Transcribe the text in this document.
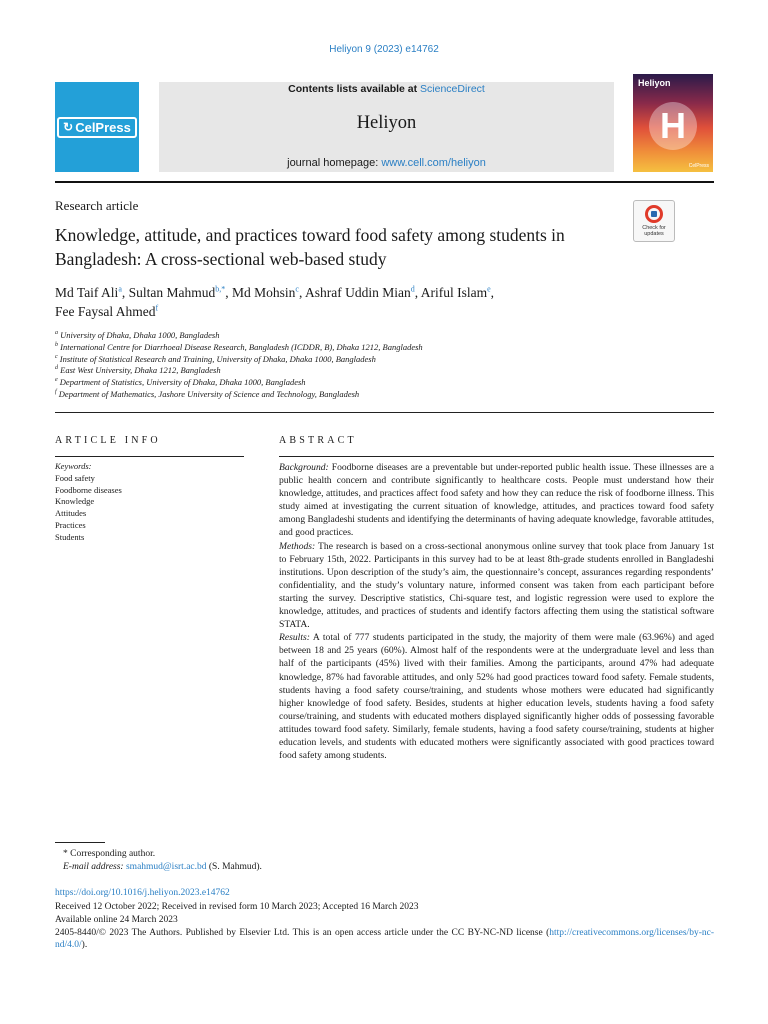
Heliyon 9 (2023) e14762
↻ CelPress
Contents lists available at ScienceDirect
Heliyon
journal homepage: www.cell.com/heliyon
Heliyon
H
CelPress
Research article
Check for updates
Knowledge, attitude, and practices toward food safety among students in Bangladesh: A cross-sectional web-based study
Md Taif Ali$^a$, Sultan Mahmud$^{b,*}$, Md Mohsin$^c$, Ashraf Uddin Mian$^d$, Ariful Islam$^e$,
Fee Faysal Ahmed$^f$
$^a$ University of Dhaka, Dhaka 1000, Bangladesh
$^b$ International Centre for Diarrhoeal Disease Research, Bangladesh (ICDDR, B), Dhaka 1212, Bangladesh
$^c$ Institute of Statistical Research and Training, University of Dhaka, Dhaka 1000, Bangladesh
$^d$ East West University, Dhaka 1212, Bangladesh
$^e$ Department of Statistics, University of Dhaka, Dhaka 1000, Bangladesh
$^f$ Department of Mathematics, Jashore University of Science and Technology, Bangladesh
ARTICLE INFO	ABSTRACT
Keywords:
Food safety
Foodborne diseases
Knowledge
Attitudes
Practices
Students
Background: Foodborne diseases are a preventable but under-reported public health issue. These illnesses are a public health concern and contribute significantly to healthcare costs. People must understand how their knowledge, attitudes, and practices affect food safety and how they can reduce the risk of foodborne illness. This study aimed at investigating the current situation of knowledge, attitudes, and practices toward food safety among Bangladeshi students and identifying the determinants of having adequate knowledge, favorable attitudes, and good practices.
Methods: The research is based on a cross-sectional anonymous online survey that took place from January 1st to February 15th, 2022. Participants in this survey had to be at least 8th-grade students enrolled in Bangladeshi institutions. Upon description of the study’s aim, the questionnaire’s concept, assurances regarding respondents’ confidentiality, and the study’s voluntary nature, informed consent was taken from each participant before starting the survey. Descriptive statistics, Chi-square test, and logistic regression were used to explore the knowledge, attitudes, and practices of students and identify factors affecting them using the statistical software STATA.
Results: A total of 777 students participated in the study, the majority of them were male (63.96%) and aged between 18 and 25 years (60%). Almost half of the respondents were at the undergraduate level and less than half of the participants (45%) lived with their families. Among the participants, around 47% had adequate knowledge, 87% had favorable attitudes, and only 52% had good practices toward food safety. Female students, students having a food safety course/training, and students whose mothers were educated had significantly higher knowledge of food safety. Besides, students at higher education levels, students having a food safety course/training, and students with educated mothers displayed significantly higher odds of possessing favorable attitudes toward food safety. Similarly, female students, having a food safety course/training, students at higher education levels, and students with educated mothers were significantly associated with good practices toward food safety among students.
* Corresponding author.
E-mail address: smahmud@isrt.ac.bd (S. Mahmud).
https://doi.org/10.1016/j.heliyon.2023.e14762
Received 12 October 2022; Received in revised form 10 March 2023; Accepted 16 March 2023
Available online 24 March 2023
2405-8440/© 2023 The Authors. Published by Elsevier Ltd. This is an open access article under the CC BY-NC-ND license (http://creativecommons.org/licenses/by-nc-nd/4.0/).
